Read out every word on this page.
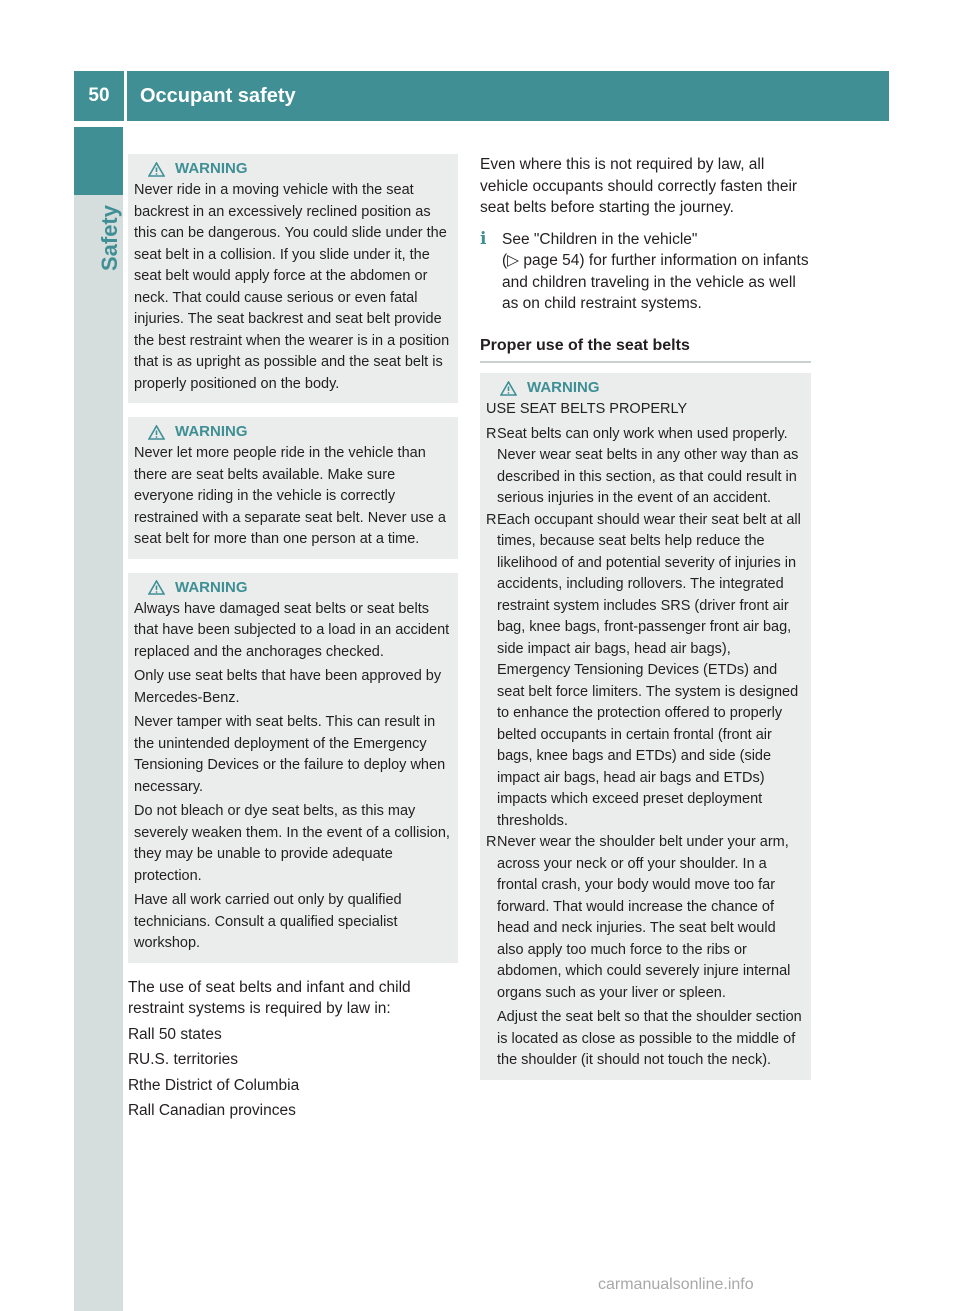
50	Occupant safety
Safety
WARNING

Never ride in a moving vehicle with the seat backrest in an excessively reclined position as this can be dangerous. You could slide under the seat belt in a collision. If you slide under it, the seat belt would apply force at the abdomen or neck. That could cause serious or even fatal injuries. The seat backrest and seat belt provide the best restraint when the wearer is in a position that is as upright as possible and the seat belt is properly positioned on the body.

WARNING

Never let more people ride in the vehicle than there are seat belts available. Make sure everyone riding in the vehicle is correctly restrained with a separate seat belt. Never use a seat belt for more than one person at a time.

WARNING

Always have damaged seat belts or seat belts that have been subjected to a load in an accident replaced and the anchorages checked.

Only use seat belts that have been approved by Mercedes-Benz.

Never tamper with seat belts. This can result in the unintended deployment of the Emergency Tensioning Devices or the failure to deploy when necessary.

Do not bleach or dye seat belts, as this may severely weaken them. In the event of a collision, they may be unable to provide adequate protection.

Have all work carried out only by qualified technicians. Consult a qualified specialist workshop.

The use of seat belts and infant and child restraint systems is required by law in:

R all 50 states
R U.S. territories
R the District of Columbia
R all Canadian provinces

Even where this is not required by law, all vehicle occupants should correctly fasten their seat belts before starting the journey.

i	See "Children in the vehicle"
(▷ page 54) for further information on infants and children traveling in the vehicle as well as on child restraint systems.
Proper use of the seat belts
WARNING

USE SEAT BELTS PROPERLY

R Seat belts can only work when used properly. Never wear seat belts in any other way than as described in this section, as that could result in serious injuries in the event of an accident.
R Each occupant should wear their seat belt at all times, because seat belts help reduce the likelihood of and potential severity of injuries in accidents, including rollovers. The integrated restraint system includes SRS (driver front air bag, knee bags, front-passenger front air bag, side impact air bags, head air bags), Emergency Tensioning Devices (ETDs) and seat belt force limiters. The system is designed to enhance the protection offered to properly belted occupants in certain frontal (front air bags, knee bags and ETDs) and side (side impact air bags, head air bags and ETDs) impacts which exceed preset deployment thresholds.
R Never wear the shoulder belt under your arm, across your neck or off your shoulder. In a frontal crash, your body would move too far forward. That would increase the chance of head and neck injuries. The seat belt would also apply too much force to the ribs or abdomen, which could severely injure internal organs such as your liver or spleen.

Adjust the seat belt so that the shoulder section is located as close as possible to the middle of the shoulder (it should not touch the neck).

carmanualsonline.info
